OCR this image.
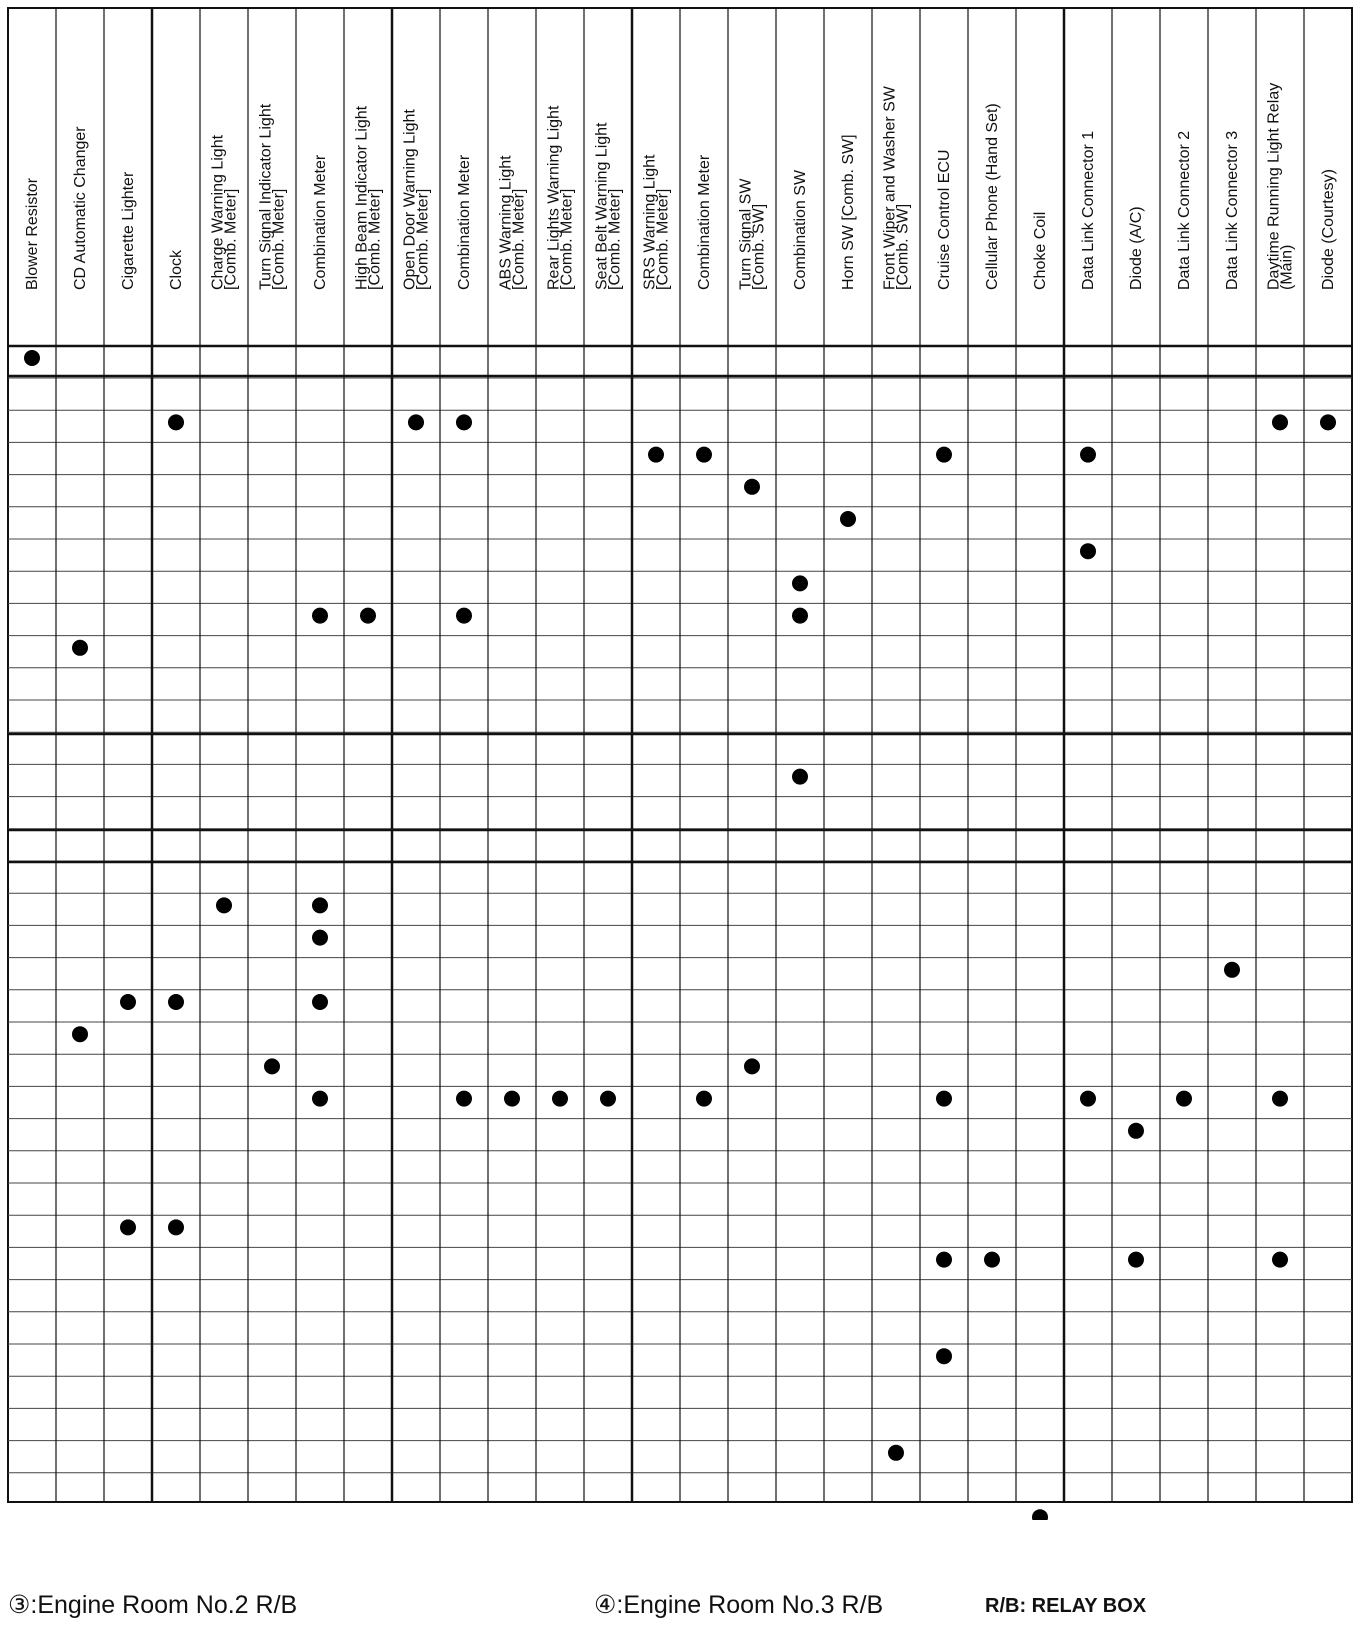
Blower Resistor CD Automatic Changer Cigarette Lighter Clock Charge Warning Light[Comb. Meter] Turn Signal Indicator Light[Comb. Meter] Combination Meter High Beam Indicator Light[Comb. Meter] Open Door Warning Light[Comb. Meter] Combination Meter ABS Warning Light[Comb. Meter] Rear Lights Warning Light[Comb. Meter] Seat Belt Warning Light[Comb. Meter] SRS Warning Light[Comb. Meter] Combination Meter Turn Signal SW[Comb. SW] Combination SW Horn SW [Comb. SW] Front Wiper and Washer SW[Comb. SW] Cruise Control ECU Cellular Phone (Hand Set) Choke Coil Data Link Connector 1 Diode (A/C) Data Link Connector 2 Data Link Connector 3 Daytime Running Light Relay(Main) Diode (Courtesy)
③:Engine Room No.2 R/B	④:Engine Room No.3 R/B	R/B: RELAY BOX
